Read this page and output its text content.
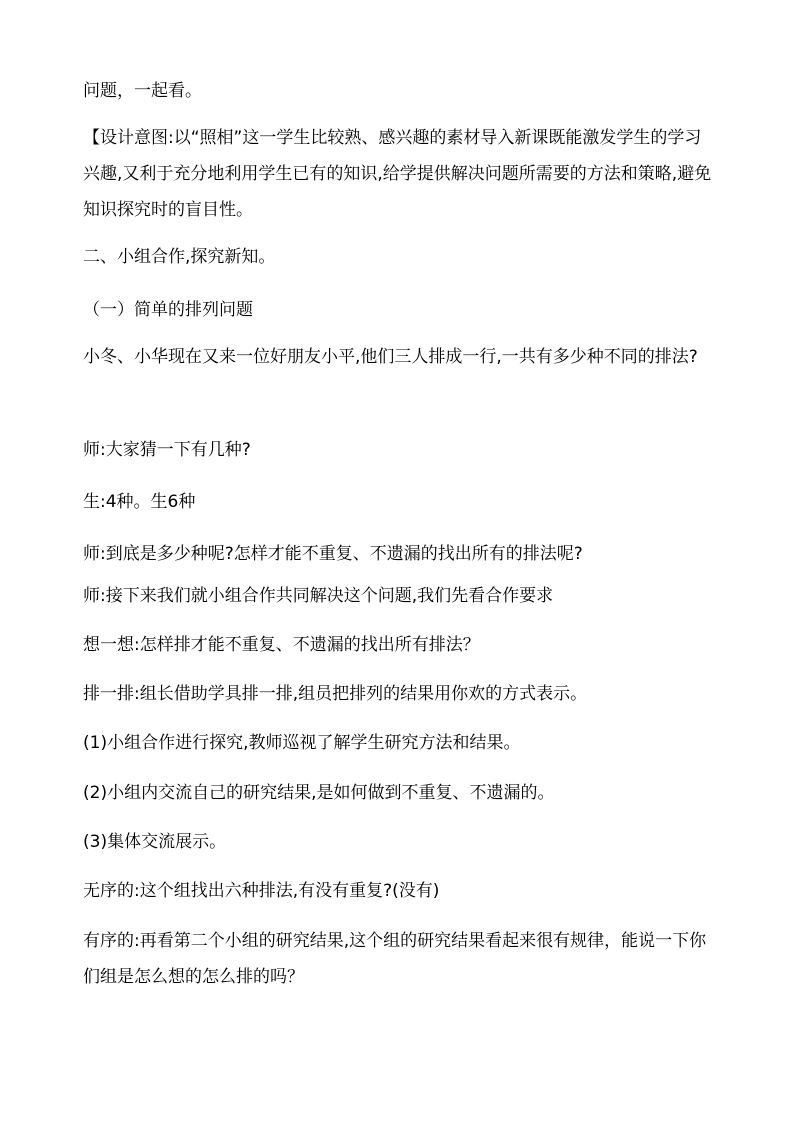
问题，一起看。

【设计意图:以“照相”这一学生比较熟、感兴趣的素材导入新课既能激发学生的学习兴趣,又利于充分地利用学生已有的知识,给学提供解决问题所需要的方法和策略,避免知识探究时的盲目性。

二、小组合作,探究新知。

（一）简单的排列问题

小冬、小华现在又来一位好朋友小平,他们三人排成一行,一共有多少种不同的排法?

师:大家猜一下有几种?

生:4种。生6种

师:到底是多少种呢?怎样才能不重复、不遗漏的找出所有的排法呢?

师:接下来我们就小组合作共同解决这个问题,我们先看合作要求

想一想:怎样排才能不重复、不遗漏的找出所有排法？

排一排:组长借助学具排一排,组员把排列的结果用你欢的方式表示。

(1)小组合作进行探究,教师巡视了解学生研究方法和结果。

(2)小组内交流自己的研究结果,是如何做到不重复、不遗漏的。

(3)集体交流展示。

无序的:这个组找出六种排法,有没有重复?(没有)

有序的:再看第二个小组的研究结果,这个组的研究结果看起来很有规律，能说一下你们组是怎么想的怎么排的吗？
